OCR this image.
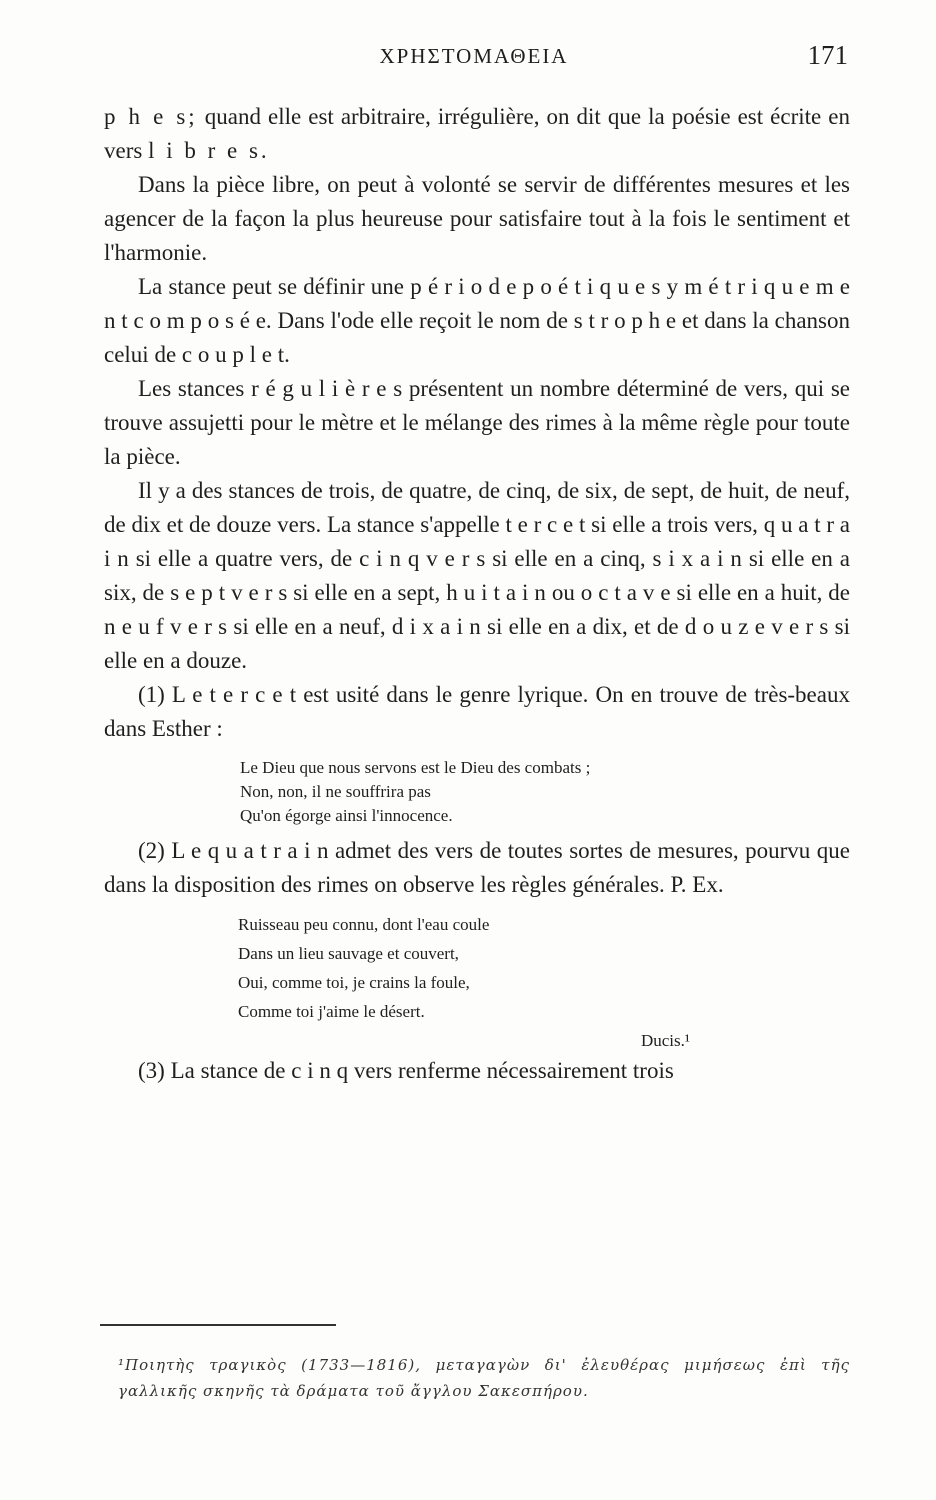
ΧΡΗΣΤΟΜΑΘΕΙΑ	171

p h e s; quand elle est arbitraire, irrégulière, on dit que la poésie est écrite en vers l i b r e s.

Dans la pièce libre, on peut à volonté se servir de différentes mesures et les agencer de la façon la plus heureuse pour satisfaire tout à la fois le sentiment et l'harmonie.

La stance peut se définir une p é r i o d e p o é t i q u e s y m é t r i q u e m e n t c o m p o s é e. Dans l'ode elle reçoit le nom de s t r o p h e et dans la chanson celui de c o u p l e t.

Les stances r é g u l i è r e s présentent un nombre déterminé de vers, qui se trouve assujetti pour le mètre et le mélange des rimes à la même règle pour toute la pièce.

Il y a des stances de trois, de quatre, de cinq, de six, de sept, de huit, de neuf, de dix et de douze vers. La stance s'appelle t e r c e t si elle a trois vers, q u a t r a i n si elle a quatre vers, de c i n q v e r s si elle en a cinq, s i x a i n si elle en a six, de s e p t v e r s si elle en a sept, h u i t a i n ou o c t a v e si elle en a huit, de n e u f v e r s si elle en a neuf, d i x a i n si elle en a dix, et de d o u z e v e r s si elle en a douze.

(1) L e t e r c e t est usité dans le genre lyrique. On en trouve de très-beaux dans Esther :

Le Dieu que nous servons est le Dieu des combats ;
Non, non, il ne souffrira pas
Qu'on égorge ainsi l'innocence.

(2) L e q u a t r a i n admet des vers de toutes sortes de mesures, pourvu que dans la disposition des rimes on observe les règles générales. P. Ex.

Ruisseau peu connu, dont l'eau coule
Dans un lieu sauvage et couvert,
Oui, comme toi, je crains la foule,
Comme toi j'aime le désert.
Ducis.¹

(3) La stance de c i n q vers renferme nécessairement trois

¹Ποιητὴς τραγικὸς (1733—1816), μεταγαγὼν δι' ἐλευθέρας μιμήσεως ἐπὶ τῆς γαλλικῆς σκηνῆς τὰ δράματα τοῦ ἄγγλου Σακεσπήρου.
